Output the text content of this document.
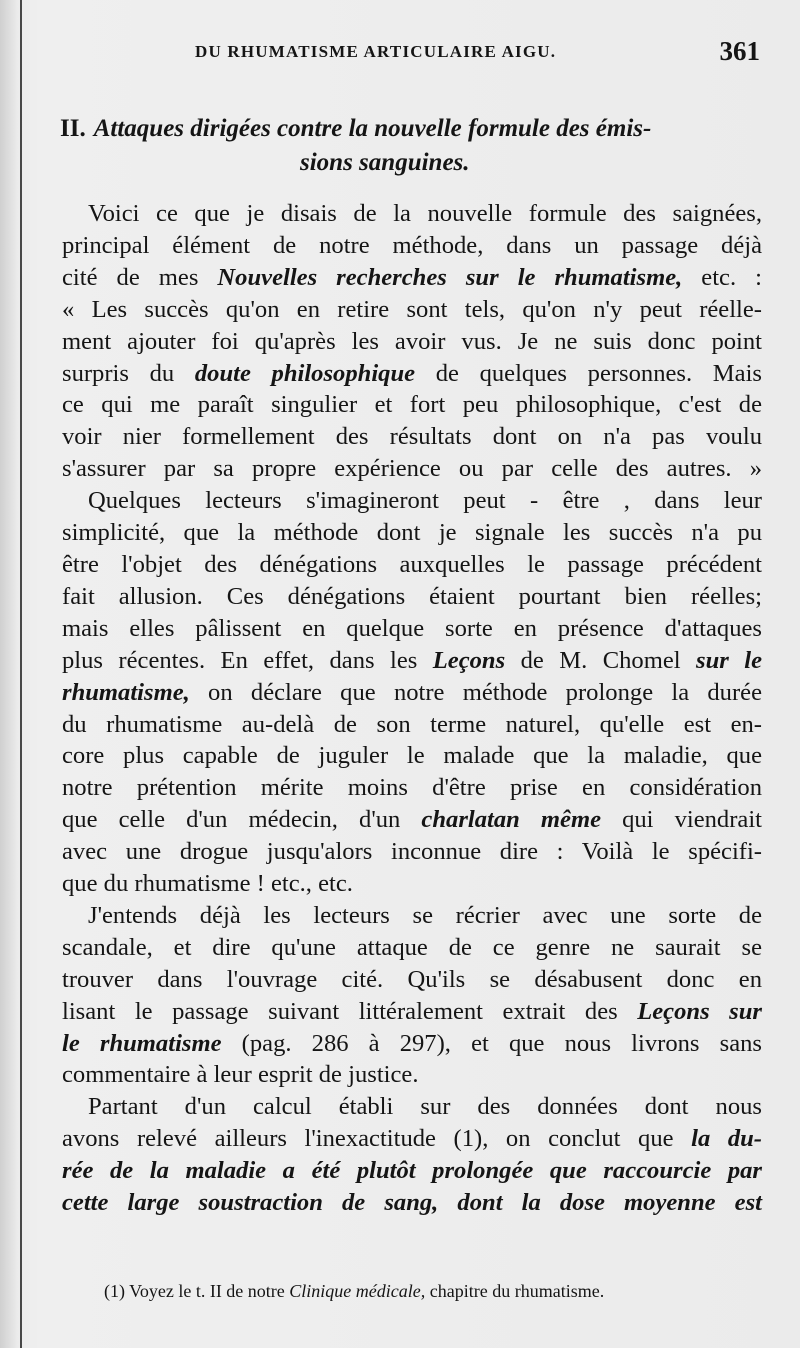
DU RHUMATISME ARTICULAIRE AIGU.	361
II. Attaques dirigées contre la nouvelle formule des émis-
sions sanguines.

Voici ce que je disais de la nouvelle formule des saignées,
principal élément de notre méthode, dans un passage déjà
cité de mes Nouvelles recherches sur le rhumatisme, etc. :
« Les succès qu'on en retire sont tels, qu'on n'y peut réelle-
ment ajouter foi qu'après les avoir vus. Je ne suis donc point
surpris du doute philosophique de quelques personnes. Mais
ce qui me paraît singulier et fort peu philosophique, c'est de
voir nier formellement des résultats dont on n'a pas voulu
s'assurer par sa propre expérience ou par celle des autres. »

Quelques lecteurs s'imagineront peut - être , dans leur
simplicité, que la méthode dont je signale les succès n'a pu
être l'objet des dénégations auxquelles le passage précédent
fait allusion. Ces dénégations étaient pourtant bien réelles;
mais elles pâlissent en quelque sorte en présence d'attaques
plus récentes. En effet, dans les Leçons de M. Chomel sur le
rhumatisme, on déclare que notre méthode prolonge la durée
du rhumatisme au-delà de son terme naturel, qu'elle est en-
core plus capable de juguler le malade que la maladie, que
notre prétention mérite moins d'être prise en considération
que celle d'un médecin, d'un charlatan même qui viendrait
avec une drogue jusqu'alors inconnue dire : Voilà le spécifi-
que du rhumatisme ! etc., etc.

J'entends déjà les lecteurs se récrier avec une sorte de
scandale, et dire qu'une attaque de ce genre ne saurait se
trouver dans l'ouvrage cité. Qu'ils se désabusent donc en
lisant le passage suivant littéralement extrait des Leçons sur
le rhumatisme (pag. 286 à 297), et que nous livrons sans
commentaire à leur esprit de justice.

Partant d'un calcul établi sur des données dont nous
avons relevé ailleurs l'inexactitude (1), on conclut que la du-
rée de la maladie a été plutôt prolongée que raccourcie par
cette large soustraction de sang, dont la dose moyenne est

(1) Voyez le t. II de notre Clinique médicale, chapitre du rhumatisme.
